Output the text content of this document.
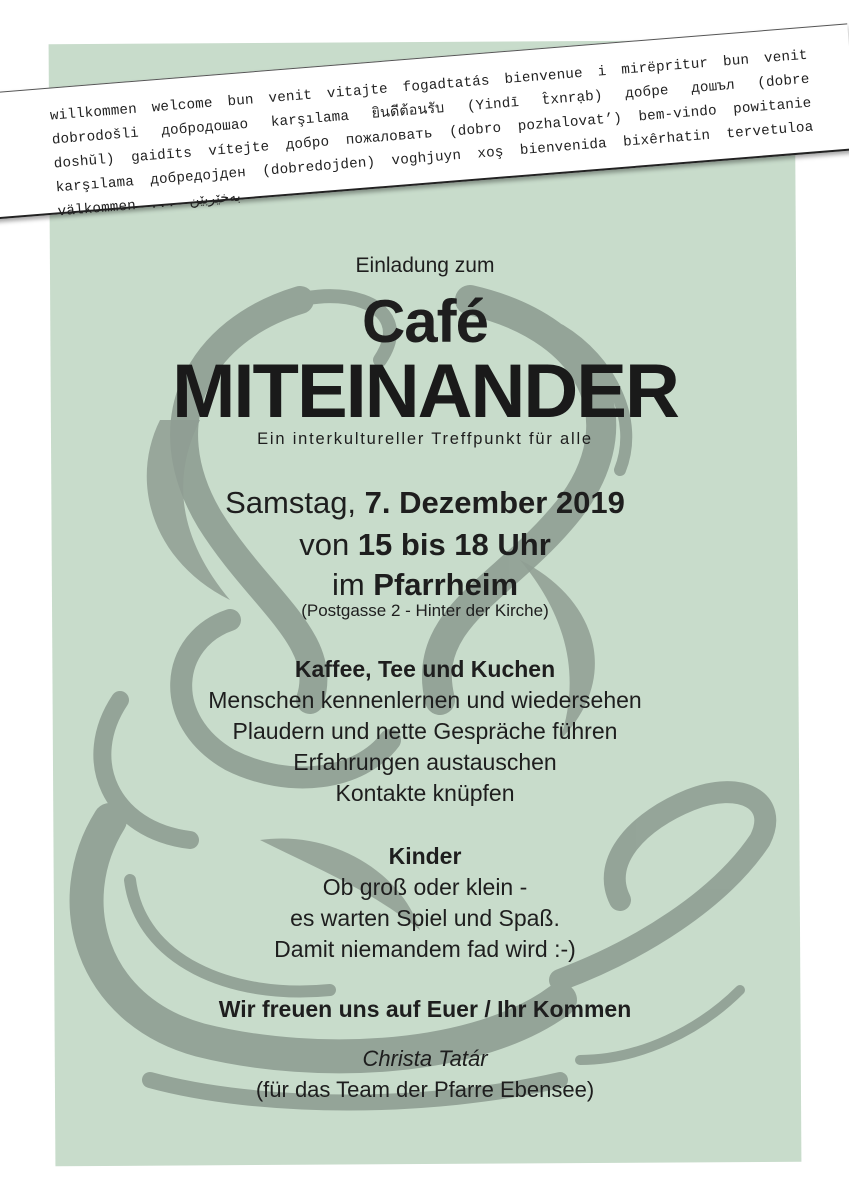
willkommen welcome bun venit vitajte fogadtatás bienvenue i mirëpritur bun venit dobrodošli добродошао karşılama ยินดีต้อนรับ (Yindī t̂xnrạb) добре дошъл (dobre doshŭl) gaidīts vítejte добро пожаловать (dobro pozhalovat’) bem-vindo powitanie karşılama добредојден (dobredojden) voghjuyn xoş bienvenida bixêrhatin tervetuloa välkommen ... بەخێربێن
Einladung zum
Café
MITEINANDER
Ein interkultureller Treffpunkt für alle
Samstag, 7. Dezember 2019
von 15 bis 18 Uhr
im Pfarrheim
(Postgasse 2 - Hinter der Kirche)
Kaffee, Tee und Kuchen
Menschen kennenlernen und wiedersehen
Plaudern und nette Gespräche führen
Erfahrungen austauschen
Kontakte knüpfen
Kinder
Ob groß oder klein -
es warten Spiel und Spaß.
Damit niemandem fad wird :-)
Wir freuen uns auf Euer / Ihr Kommen
Christa Tatár
(für das Team der Pfarre Ebensee)
